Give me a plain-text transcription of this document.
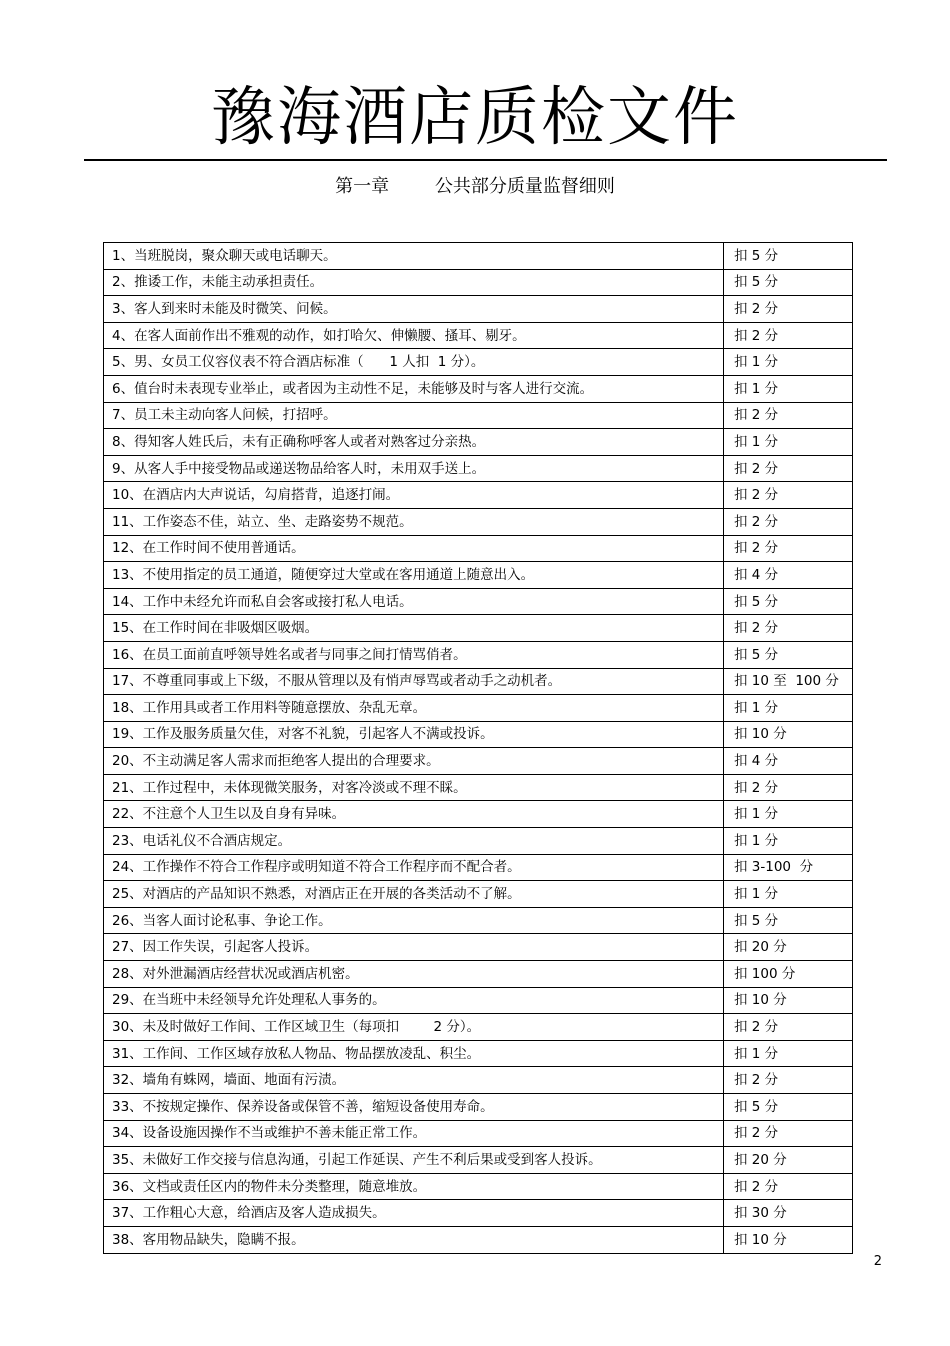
豫海酒店质检文件
第一章        公共部分质量监督细则
1、当班脱岗，聚众聊天或电话聊天。	扣 5 分
2、推诿工作，未能主动承担责任。	扣 5 分
3、客人到来时未能及时微笑、问候。	扣 2 分
4、在客人面前作出不雅观的动作，如打哈欠、伸懒腰、搔耳、剔牙。	扣 2 分
5、男、女员工仪容仪表不符合酒店标准（      1 人扣  1 分）。	扣 1 分
6、值台时未表现专业举止，或者因为主动性不足，未能够及时与客人进行交流。	扣 1 分
7、员工未主动向客人问候，打招呼。	扣 2 分
8、得知客人姓氏后，未有正确称呼客人或者对熟客过分亲热。	扣 1 分
9、从客人手中接受物品或递送物品给客人时，未用双手送上。	扣 2 分
10、在酒店内大声说话，勾肩搭背，追逐打闹。	扣 2 分
11、工作姿态不佳，站立、坐、走路姿势不规范。	扣 2 分
12、在工作时间不使用普通话。	扣 2 分
13、不使用指定的员工通道，随便穿过大堂或在客用通道上随意出入。	扣 4 分
14、工作中未经允许而私自会客或接打私人电话。	扣 5 分
15、在工作时间在非吸烟区吸烟。	扣 2 分
16、在员工面前直呼领导姓名或者与同事之间打情骂俏者。	扣 5 分
17、不尊重同事或上下级，不服从管理以及有悄声辱骂或者动手之动机者。	扣 10 至  100 分
18、工作用具或者工作用料等随意摆放、杂乱无章。	扣 1 分
19、工作及服务质量欠佳，对客不礼貌，引起客人不满或投诉。	扣 10 分
20、不主动满足客人需求而拒绝客人提出的合理要求。	扣 4 分
21、工作过程中，未体现微笑服务，对客冷淡或不理不睬。	扣 2 分
22、不注意个人卫生以及自身有异味。	扣 1 分
23、电话礼仪不合酒店规定。	扣 1 分
24、工作操作不符合工作程序或明知道不符合工作程序而不配合者。	扣 3-100  分
25、对酒店的产品知识不熟悉，对酒店正在开展的各类活动不了解。	扣 1 分
26、当客人面讨论私事、争论工作。	扣 5 分
27、因工作失误，引起客人投诉。	扣 20 分
28、对外泄漏酒店经营状况或酒店机密。	扣 100 分
29、在当班中未经领导允许处理私人事务的。	扣 10 分
30、未及时做好工作间、工作区域卫生（每项扣        2 分）。	扣 2 分
31、工作间、工作区域存放私人物品、物品摆放凌乱、积尘。	扣 1 分
32、墙角有蛛网，墙面、地面有污渍。	扣 2 分
33、不按规定操作、保养设备或保管不善，缩短设备使用寿命。	扣 5 分
34、设备设施因操作不当或维护不善未能正常工作。	扣 2 分
35、未做好工作交接与信息沟通，引起工作延误、产生不利后果或受到客人投诉。	扣 20 分
36、文档或责任区内的物件未分类整理，随意堆放。	扣 2 分
37、工作粗心大意，给酒店及客人造成损失。	扣 30 分
38、客用物品缺失，隐瞒不报。	扣 10 分
2
